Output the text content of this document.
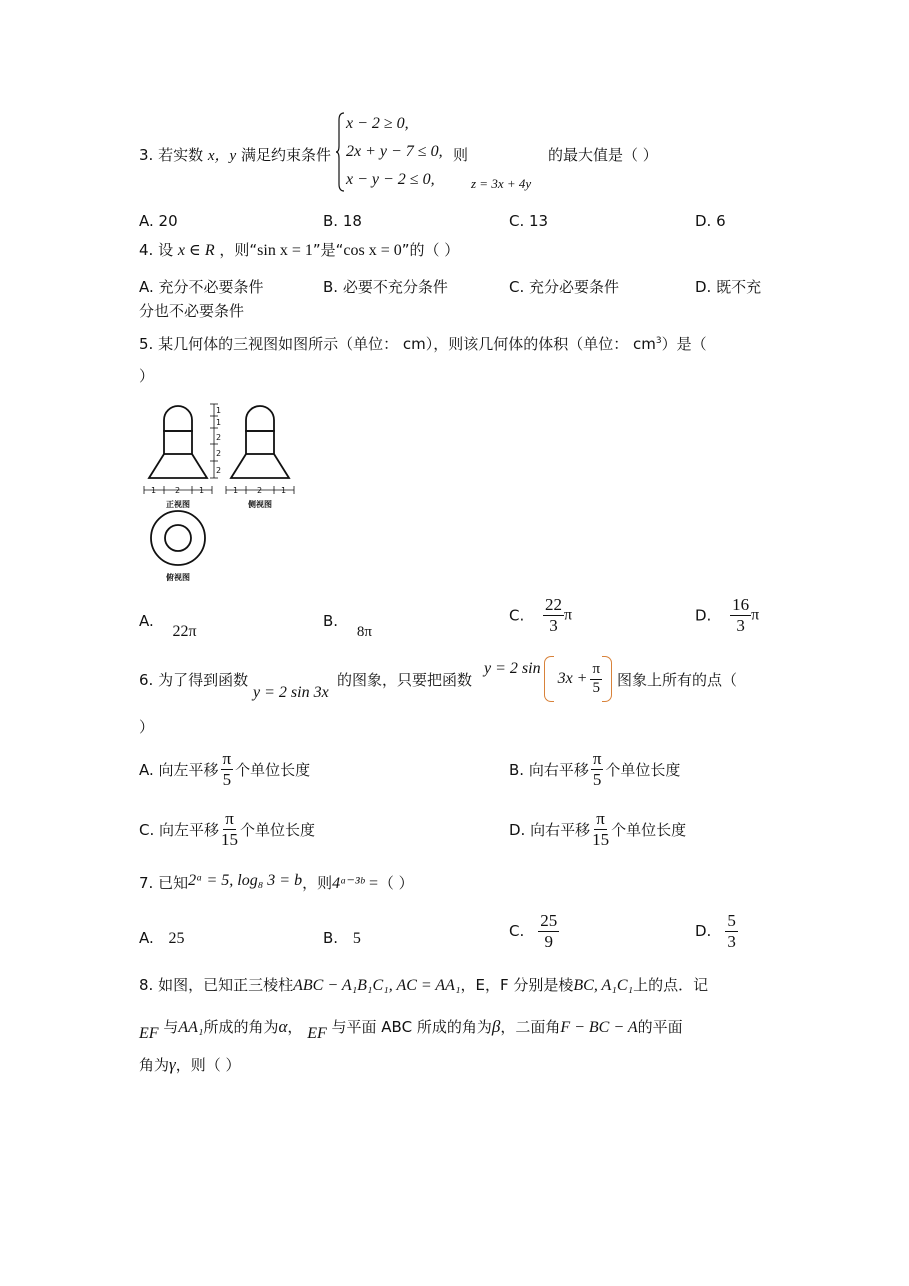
3. 若实数 x，y 满足约束条件
x − 2 ≥ 0,
2x + y − 7 ≤ 0,
x − y − 2 ≤ 0,
则
z = 3x + 4y
的最大值是（ ）
A. 20	B. 18	C. 13	D. 6
4. 设 x ∈ R ，则“sin x = 1”是“cos x = 0”的（ ）
A. 充分不必要条件	B. 必要不充分条件	C. 充分必要条件	D. 既不充
分也不必要条件
5. 某几何体的三视图如图所示（单位： cm），则该几何体的体积（单位： $cm^3$）是（
）
1
1
2
2
2
1 2 1	1 2 1
正视图	侧视图
俯视图
A. 22π
B. 8π
C. $\frac{22}{3}$ π	D. $\frac{16}{3}$ π
6. 为了得到函数
y = 2 sin 3x
的图象，只要把函数
y = 2 sin
$3x + \frac{\pi}{5}$ 图象上所有的点（
）
A. 向左平移 $\frac{\pi}{5}$ 个单位长度	B. 向右平移 $\frac{\pi}{5}$ 个单位长度
C. 向左平移 $\frac{\pi}{15}$ 个单位长度	D. 向右平移 $\frac{\pi}{15}$ 个单位长度
7. 已知2ᵃ = 5, log₈ 3 = b，则4ᵃ⁻³ᵇ =（ ）
A. 25	B. 5	C. $\frac{25}{9}$	D. $\frac{5}{3}$
8. 如图，已知正三棱柱ABC − A₁B₁C₁, AC = AA₁，E，F 分别是棱BC, A₁C₁上的点．记
EF 与AA₁所成的角为α， EF 与平面 ABC 所成的角为β，二面角F − BC − A的平面
角为γ，则（ ）
